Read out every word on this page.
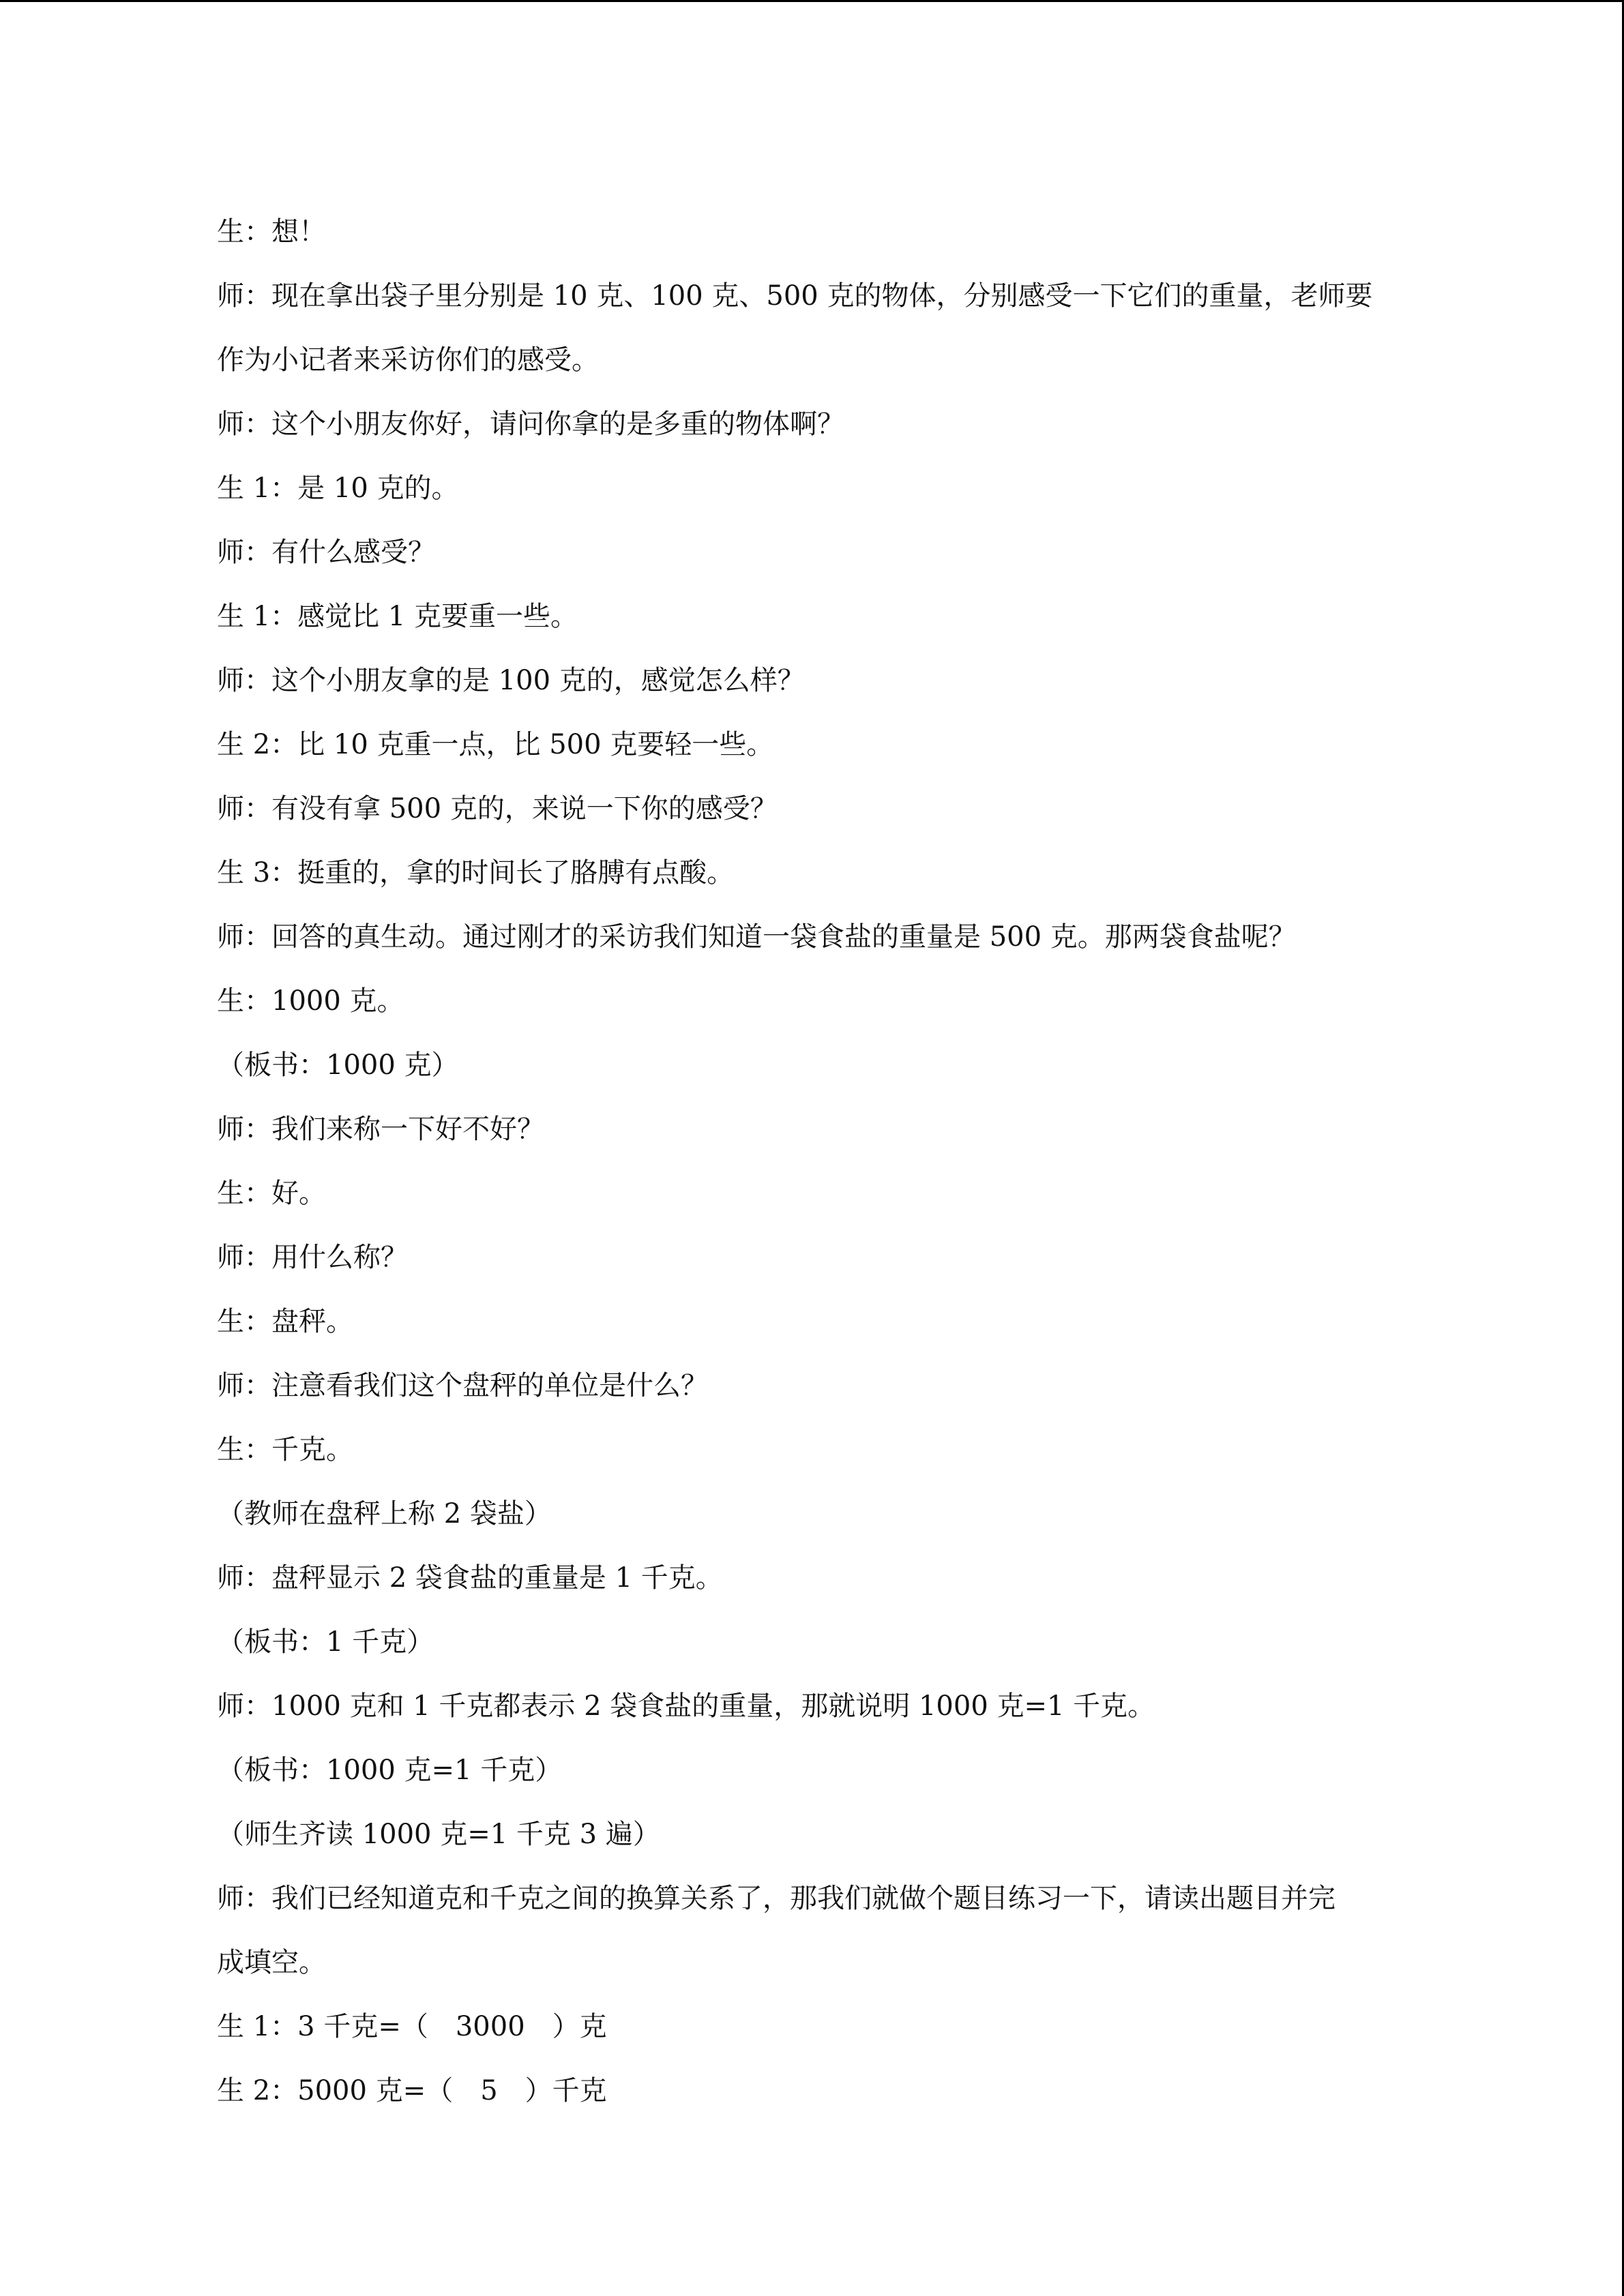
生：想！
师：现在拿出袋子里分别是 10 克、100 克、500 克的物体，分别感受一下它们的重量，老师要
作为小记者来采访你们的感受。
师：这个小朋友你好，请问你拿的是多重的物体啊？
生 1：是 10 克的。
师：有什么感受？
生 1：感觉比 1 克要重一些。
师：这个小朋友拿的是 100 克的，感觉怎么样？
生 2：比 10 克重一点，比 500 克要轻一些。
师：有没有拿 500 克的，来说一下你的感受？
生 3：挺重的，拿的时间长了胳膊有点酸。
师：回答的真生动。通过刚才的采访我们知道一袋食盐的重量是 500 克。那两袋食盐呢？
生：1000 克。
（板书：1000 克）
师：我们来称一下好不好？
生：好。
师：用什么称？
生：盘秤。
师：注意看我们这个盘秤的单位是什么？
生：千克。
（教师在盘秤上称 2 袋盐）
师：盘秤显示 2 袋食盐的重量是 1 千克。
（板书：1 千克）
师：1000 克和 1 千克都表示 2 袋食盐的重量，那就说明 1000 克=1 千克。
（板书：1000 克=1 千克）
（师生齐读 1000 克=1 千克 3 遍）
师：我们已经知道克和千克之间的换算关系了，那我们就做个题目练习一下，请读出题目并完
成填空。
生 1：3 千克=（　3000　）克
生 2：5000 克=（　5　）千克
